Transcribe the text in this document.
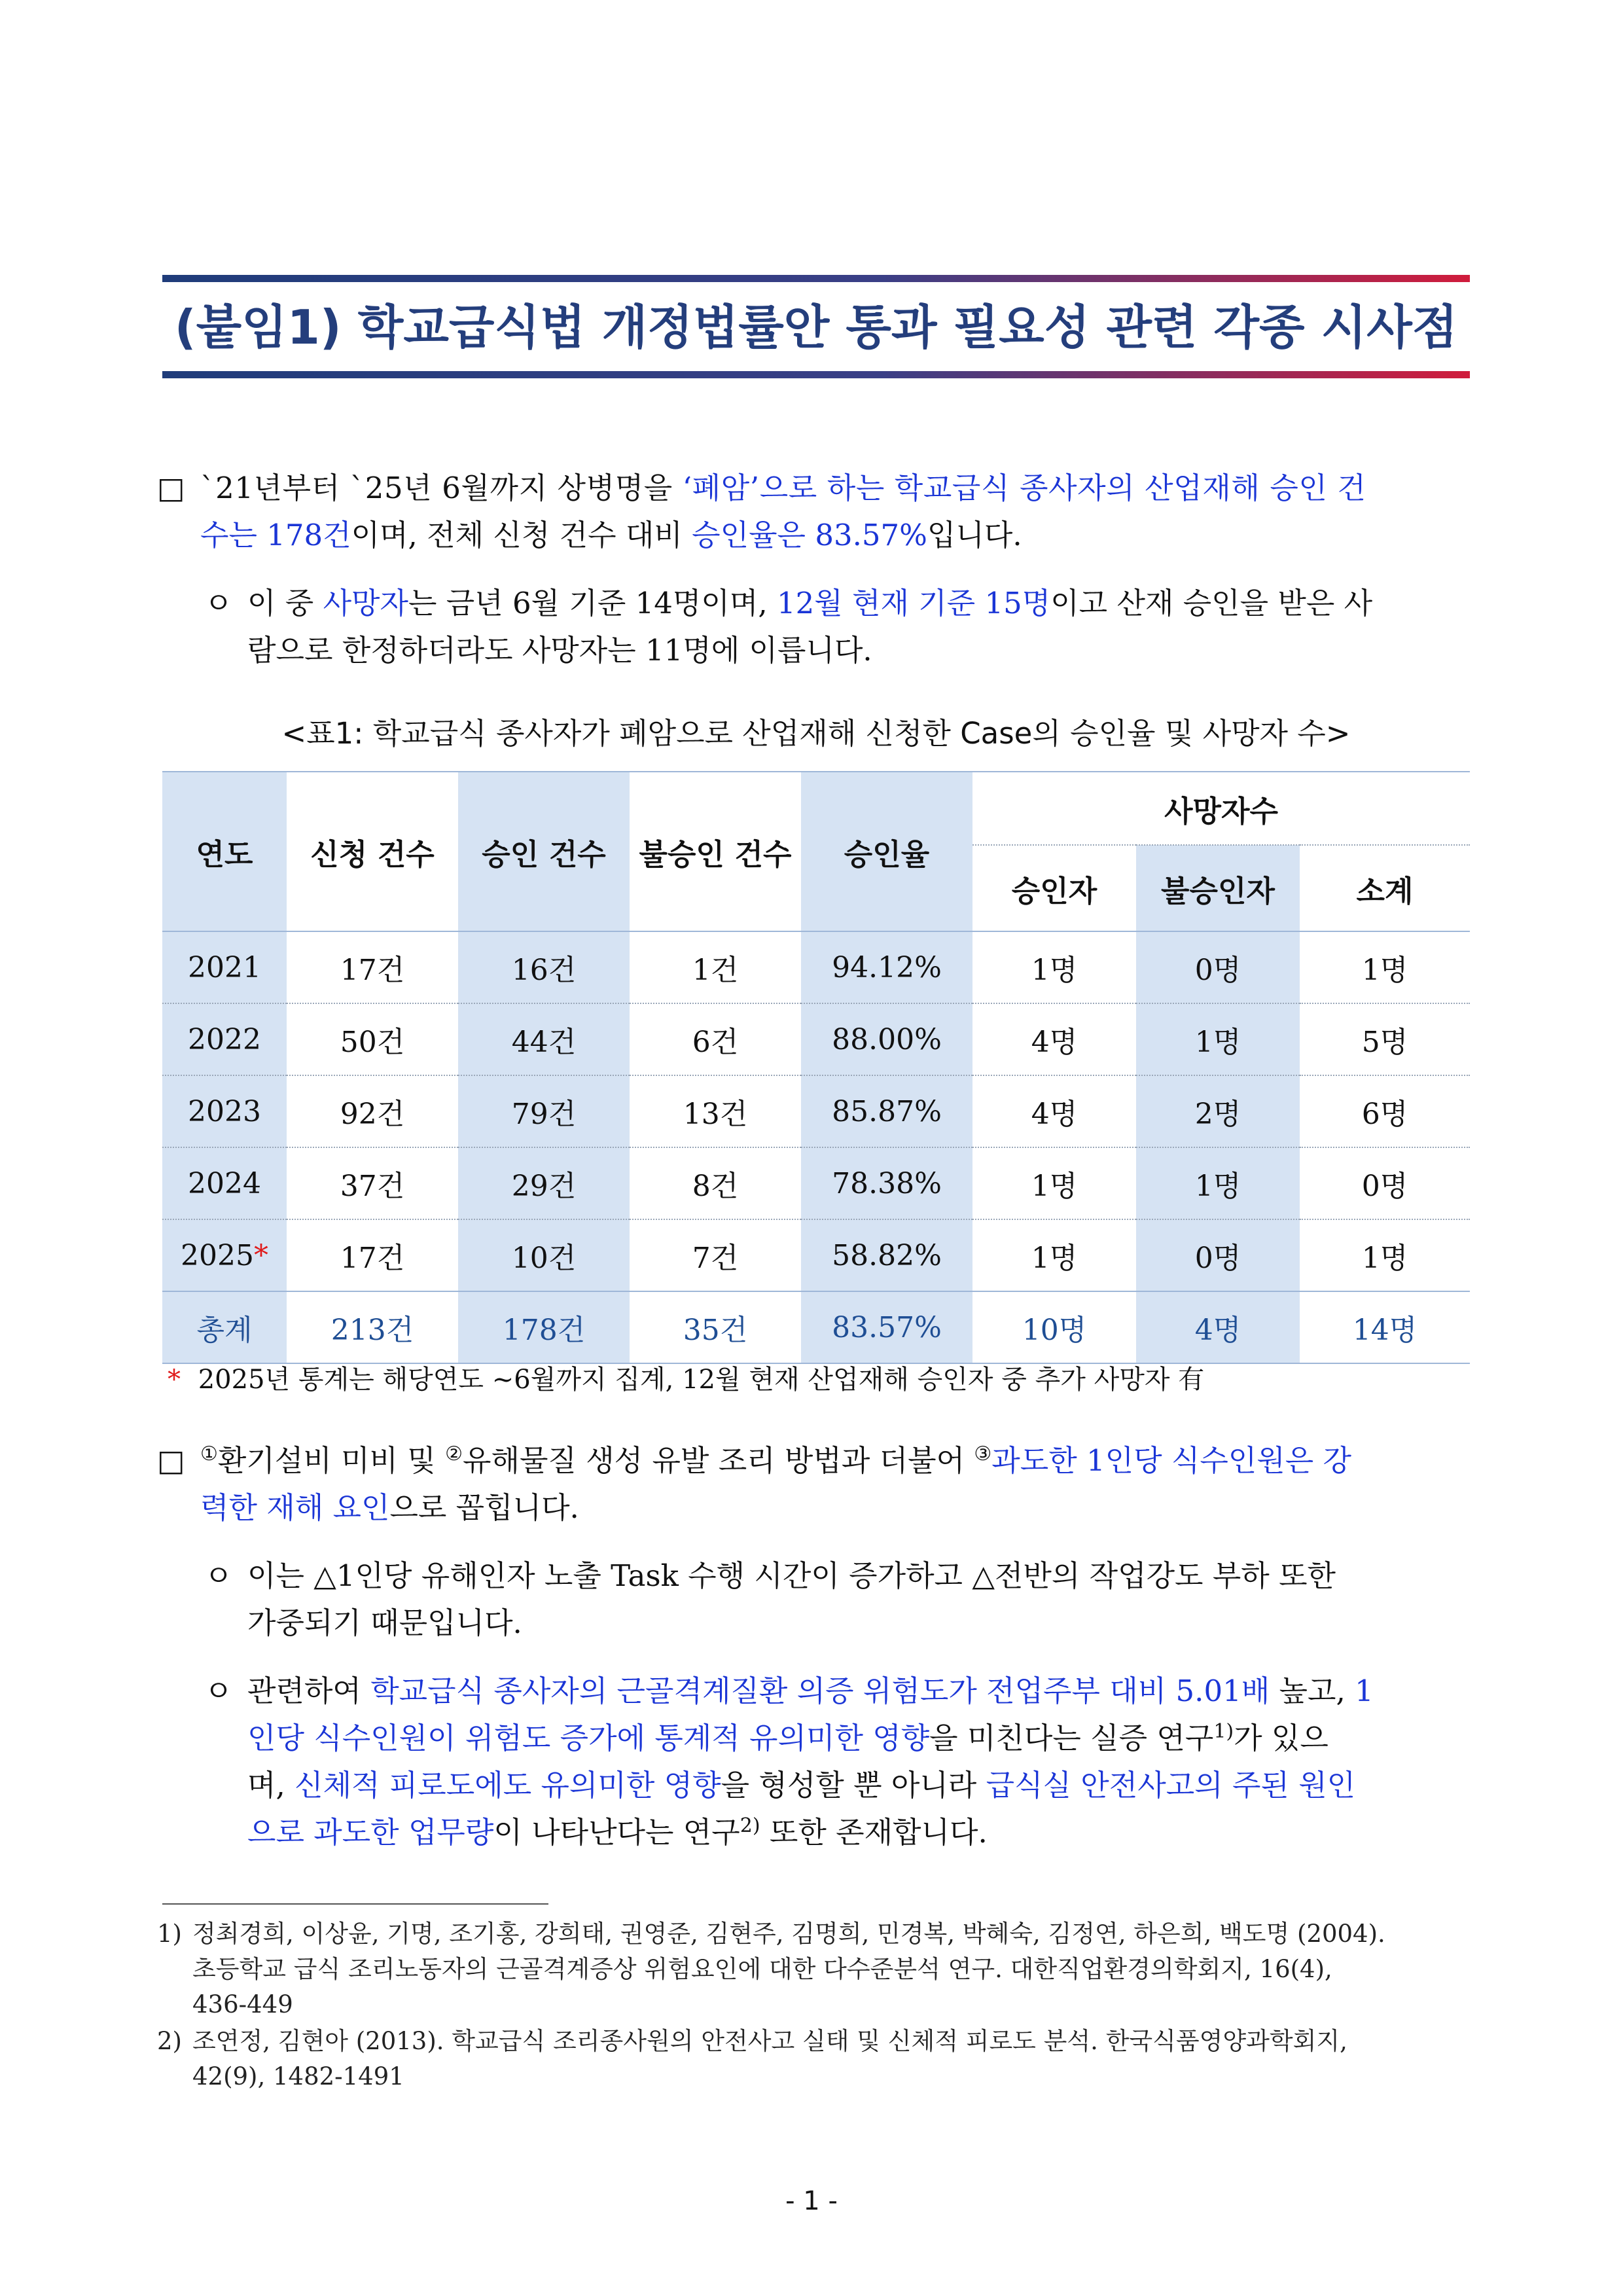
(붙임1) 학교급식법 개정법률안 통과 필요성 관련 각종 시사점
□ `21년부터 `25년 6월까지 상병명을 ‘폐암’으로 하는 학교급식 종사자의 산업재해 승인 건
수는 178건이며, 전체 신청 건수 대비 승인율은 83.57%입니다.
ㅇ 이 중 사망자는 금년 6월 기준 14명이며, 12월 현재 기준 15명이고 산재 승인을 받은 사
람으로 한정하더라도 사망자는 11명에 이릅니다.
<표1: 학교급식 종사자가 폐암으로 산업재해 신청한 Case의 승인율 및 사망자 수>
연도	신청 건수	승인 건수	불승인 건수	승인율	사망자수		
					승인자	불승인자	소계
2021	17건	16건	1건	94.12%	1명	0명	1명
2022	50건	44건	6건	88.00%	4명	1명	5명
2023	92건	79건	13건	85.87%	4명	2명	6명
2024	37건	29건	8건	78.38%	1명	1명	0명
2025*	17건	10건	7건	58.82%	1명	0명	1명
총계	213건	178건	35건	83.57%	10명	4명	14명
* 2025년 통계는 해당연도 ~6월까지 집계, 12월 현재 산업재해 승인자 중 추가 사망자 有
□ ①환기설비 미비 및 ②유해물질 생성 유발 조리 방법과 더불어 ③과도한 1인당 식수인원은 강
력한 재해 요인으로 꼽힙니다.
ㅇ 이는 △1인당 유해인자 노출 Task 수행 시간이 증가하고 △전반의 작업강도 부하 또한
가중되기 때문입니다.
ㅇ 관련하여 학교급식 종사자의 근골격계질환 의증 위험도가 전업주부 대비 5.01배 높고, 1
인당 식수인원이 위험도 증가에 통계적 유의미한 영향을 미친다는 실증 연구$^{1)}$가 있으
며, 신체적 피로도에도 유의미한 영향을 형성할 뿐 아니라 급식실 안전사고의 주된 원인
으로 과도한 업무량이 나타난다는 연구$^{2)}$ 또한 존재합니다.
1) 정최경희, 이상윤, 기명, 조기홍, 강희태, 권영준, 김현주, 김명희, 민경복, 박혜숙, 김정연, 하은희, 백도명 (2004).
초등학교 급식 조리노동자의 근골격계증상 위험요인에 대한 다수준분석 연구. 대한직업환경의학회지, 16(4),
436-449
2) 조연정, 김현아 (2013). 학교급식 조리종사원의 안전사고 실태 및 신체적 피로도 분석. 한국식품영양과학회지,
42(9), 1482-1491
- 1 -
